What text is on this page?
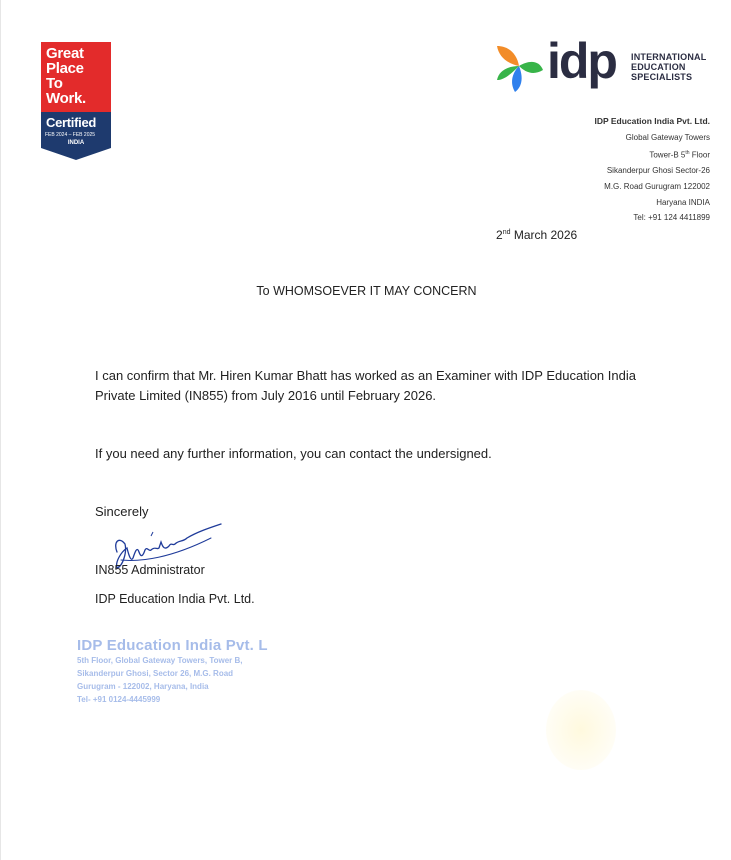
Great
Place
To
Work.
Certified
FEB 2024 – FEB 2025
INDIA
idp INTERNATIONAL
EDUCATION
SPECIALISTS
IDP Education India Pvt. Ltd.
Global Gateway Towers
Tower-B 5th Floor
Sikanderpur Ghosi Sector-26
M.G. Road Gurugram 122002
Haryana INDIA
Tel: +91 124 4411899
2nd March 2026
To WHOMSOEVER IT MAY CONCERN
I can confirm that Mr. Hiren Kumar Bhatt has worked as an Examiner with IDP Education India Private Limited (IN855) from July 2016 until February 2026.
If you need any further information, you can contact the undersigned.
Sincerely
IN855 Administrator
IDP Education India Pvt. Ltd.
IDP Education India Pvt. L
5th Floor, Global Gateway Towers, Tower B,
Sikanderpur Ghosi, Sector 26, M.G. Road
Gurugram - 122002, Haryana, India
Tel- +91 0124-4445999
